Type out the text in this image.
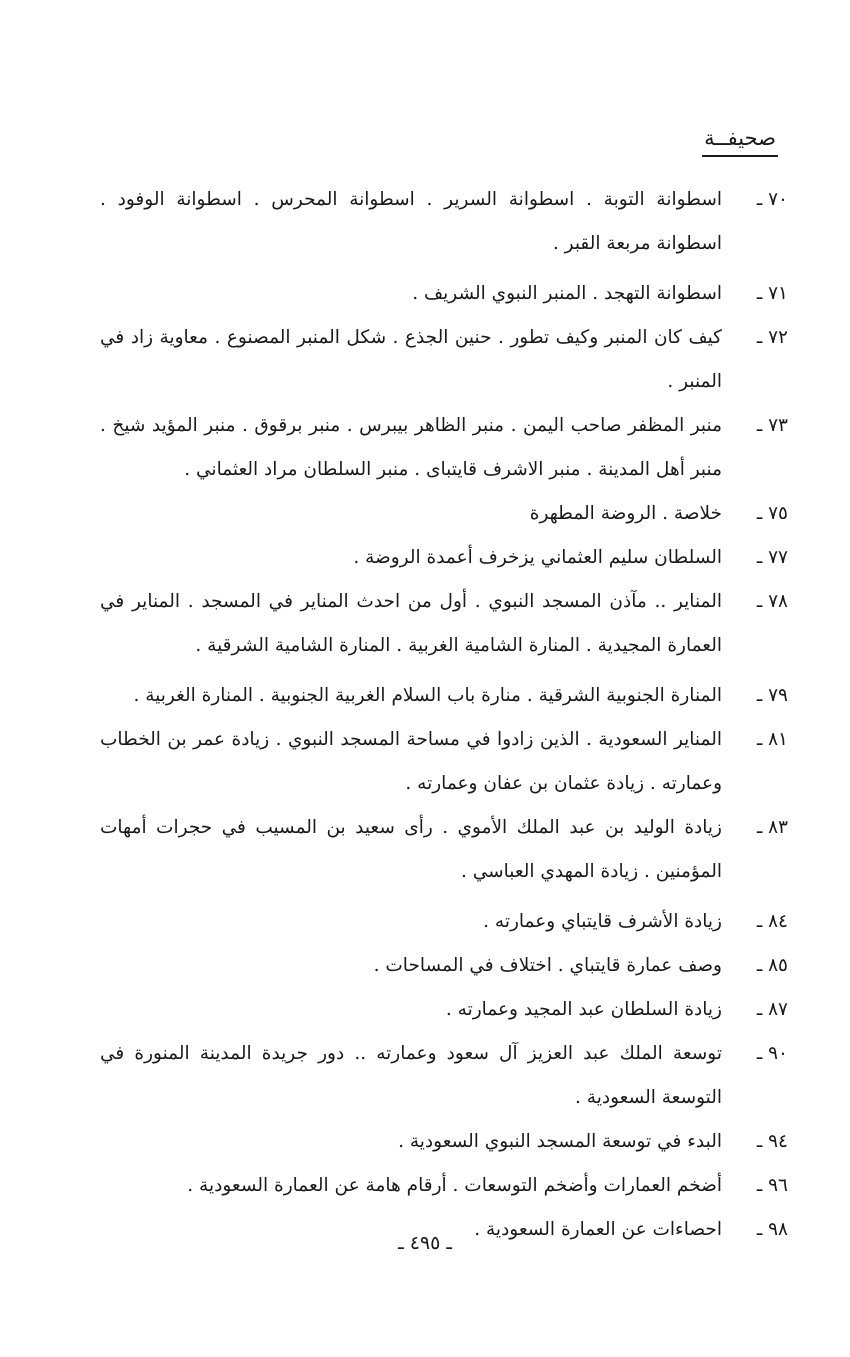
صحيفــة
٧٠ ـ
اسطوانة التوبة . اسطوانة السرير . اسطوانة المحرس . اسطوانة الوفود . اسطوانة مربعة القبر .
٧١ ـ
اسطوانة التهجد . المنبر النبوي الشريف .
٧٢ ـ
كيف كان المنبر وكيف تطور . حنين الجذع . شكل المنبر المصنوع . معاوية زاد في المنبر .
٧٣ ـ
منبر المظفر صاحب اليمن . منبر الظاهر بيبرس . منبر برقوق . منبر المؤيد شيخ . منبر أهل المدينة . منبر الاشرف قايتباى . منبر السلطان مراد العثماني .
٧٥ ـ
خلاصة . الروضة المطهرة
٧٧ ـ
السلطان سليم العثماني يزخرف أعمدة الروضة .
٧٨ ـ
المناير .. مآذن المسجد النبوي . أول من احدث المناير في المسجد . المناير في العمارة المجيدية . المنارة الشامية الغربية . المنارة الشامية الشرقية .
٧٩ ـ
المنارة الجنوبية الشرقية . منارة باب السلام الغربية الجنوبية . المنارة الغربية .
٨١ ـ
المناير السعودية . الذين زادوا في مساحة المسجد النبوي . زيادة عمر بن الخطاب وعمارته . زيادة عثمان بن عفان وعمارته .
٨٣ ـ
زيادة الوليد بن عبد الملك الأموي . رأى سعيد بن المسيب في حجرات أمهات المؤمنين . زيادة المهدي العباسي .
٨٤ ـ
زيادة الأشرف قايتباي وعمارته .
٨٥ ـ
وصف عمارة قايتباي . اختلاف في المساحات .
٨٧ ـ
زيادة السلطان عبد المجيد وعمارته .
٩٠ ـ
توسعة الملك عبد العزيز آل سعود وعمارته .. دور جريدة المدينة المنورة في التوسعة السعودية .
٩٤ ـ
البدء في توسعة المسجد النبوي السعودية .
٩٦ ـ
أضخم العمارات وأضخم التوسعات . أرقام هامة عن العمارة السعودية .
٩٨ ـ
احصاءات عن العمارة السعودية .
ـ ٤٩٥ ـ
